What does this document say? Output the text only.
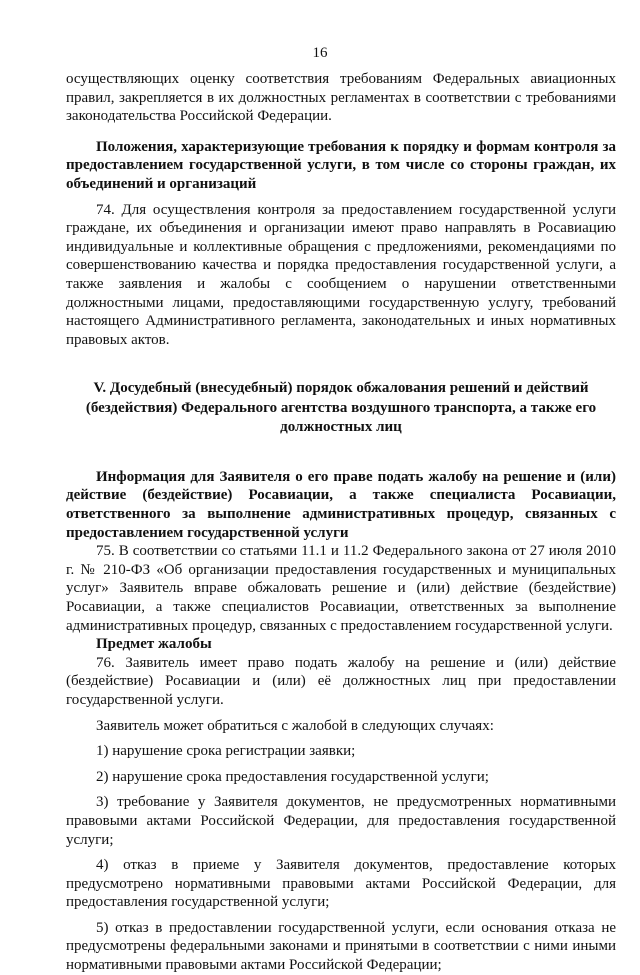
16

осуществляющих оценку соответствия требованиям Федеральных авиационных правил, закрепляется в их должностных регламентах в соответствии с требованиями законодательства Российской Федерации.

Положения, характеризующие требования к порядку и формам контроля за предоставлением государственной услуги, в том числе со стороны граждан, их объединений и организаций

74. Для осуществления контроля за предоставлением государственной услуги граждане, их объединения и организации имеют право направлять в Росавиацию индивидуальные и коллективные обращения с предложениями, рекомендациями по совершенствованию качества и порядка предоставления государственной услуги, а также заявления и жалобы с сообщением о нарушении ответственными должностными лицами, предоставляющими государственную услугу, требований настоящего Административного регламента, законодательных и иных нормативных правовых актов.

V. Досудебный (внесудебный) порядок обжалования решений и действий (бездействия) Федерального агентства воздушного транспорта, а также его должностных лиц

Информация для Заявителя о его праве подать жалобу на решение и (или) действие (бездействие) Росавиации, а также специалиста Росавиации, ответственного за выполнение административных процедур, связанных с предоставлением государственной услуги

75. В соответствии со статьями 11.1 и 11.2 Федерального закона от 27 июля 2010 г. № 210-ФЗ «Об организации предоставления государственных и муниципальных услуг» Заявитель вправе обжаловать решение и (или) действие (бездействие) Росавиации, а также специалистов Росавиации, ответственных за выполнение административных процедур, связанных с предоставлением государственной услуги.

Предмет жалобы

76. Заявитель имеет право подать жалобу на решение и (или) действие (бездействие) Росавиации и (или) её должностных лиц при предоставлении государственной услуги.

Заявитель может обратиться с жалобой в следующих случаях:

1) нарушение срока регистрации заявки;

2) нарушение срока предоставления государственной услуги;

3) требование у Заявителя документов, не предусмотренных нормативными правовыми актами Российской Федерации, для предоставления государственной услуги;

4) отказ в приеме у Заявителя документов, предоставление которых предусмотрено нормативными правовыми актами Российской Федерации, для предоставления государственной услуги;

5) отказ в предоставлении государственной услуги, если основания отказа не предусмотрены федеральными законами и принятыми в соответствии с ними иными нормативными правовыми актами Российской Федерации;
